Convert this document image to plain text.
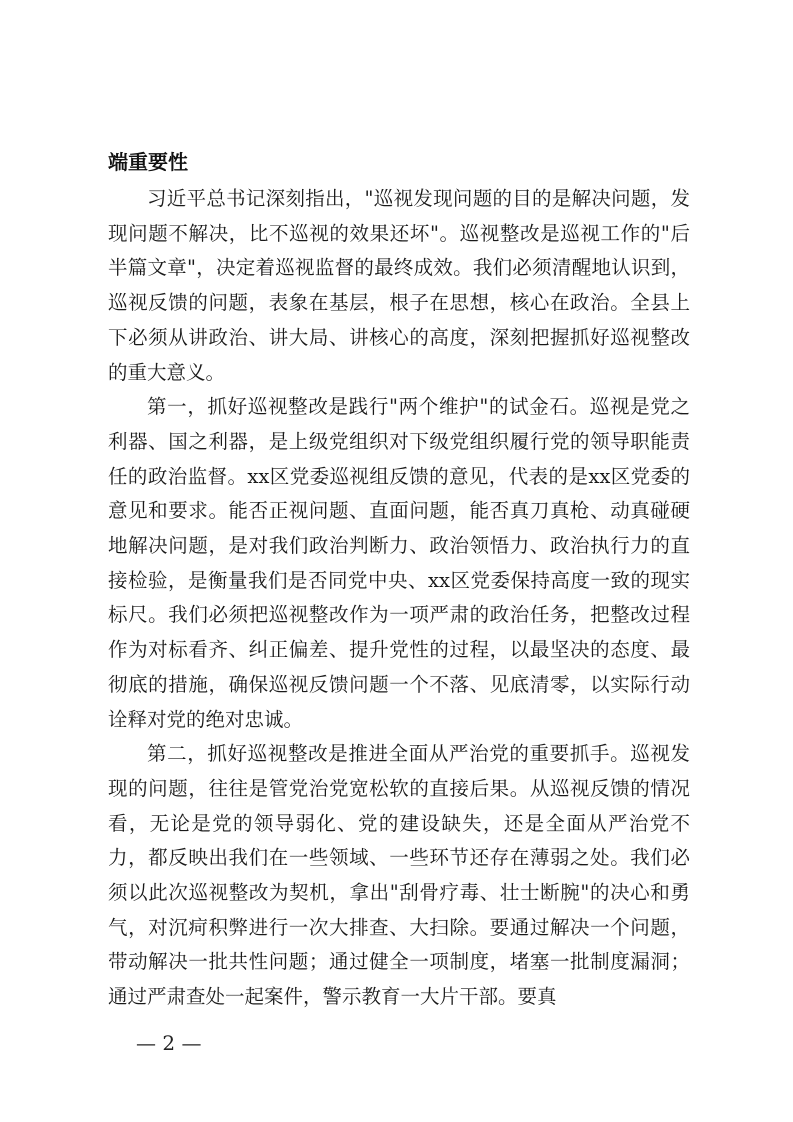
端重要性

习近平总书记深刻指出，"巡视发现问题的目的是解决问题，发现问题不解决，比不巡视的效果还坏"。巡视整改是巡视工作的"后半篇文章"，决定着巡视监督的最终成效。我们必须清醒地认识到，巡视反馈的问题，表象在基层，根子在思想，核心在政治。全县上下必须从讲政治、讲大局、讲核心的高度，深刻把握抓好巡视整改的重大意义。

第一，抓好巡视整改是践行"两个维护"的试金石。巡视是党之利器、国之利器，是上级党组织对下级党组织履行党的领导职能责任的政治监督。xx区党委巡视组反馈的意见，代表的是xx区党委的意见和要求。能否正视问题、直面问题，能否真刀真枪、动真碰硬地解决问题，是对我们政治判断力、政治领悟力、政治执行力的直接检验，是衡量我们是否同党中央、xx区党委保持高度一致的现实标尺。我们必须把巡视整改作为一项严肃的政治任务，把整改过程作为对标看齐、纠正偏差、提升党性的过程，以最坚决的态度、最彻底的措施，确保巡视反馈问题一个不落、见底清零，以实际行动诠释对党的绝对忠诚。

第二，抓好巡视整改是推进全面从严治党的重要抓手。巡视发现的问题，往往是管党治党宽松软的直接后果。从巡视反馈的情况看，无论是党的领导弱化、党的建设缺失，还是全面从严治党不力，都反映出我们在一些领域、一些环节还存在薄弱之处。我们必须以此次巡视整改为契机，拿出"刮骨疗毒、壮士断腕"的决心和勇气，对沉疴积弊进行一次大排查、大扫除。要通过解决一个问题，带动解决一批共性问题；通过健全一项制度，堵塞一批制度漏洞；通过严肃查处一起案件，警示教育一大片干部。要真

— 2 —
